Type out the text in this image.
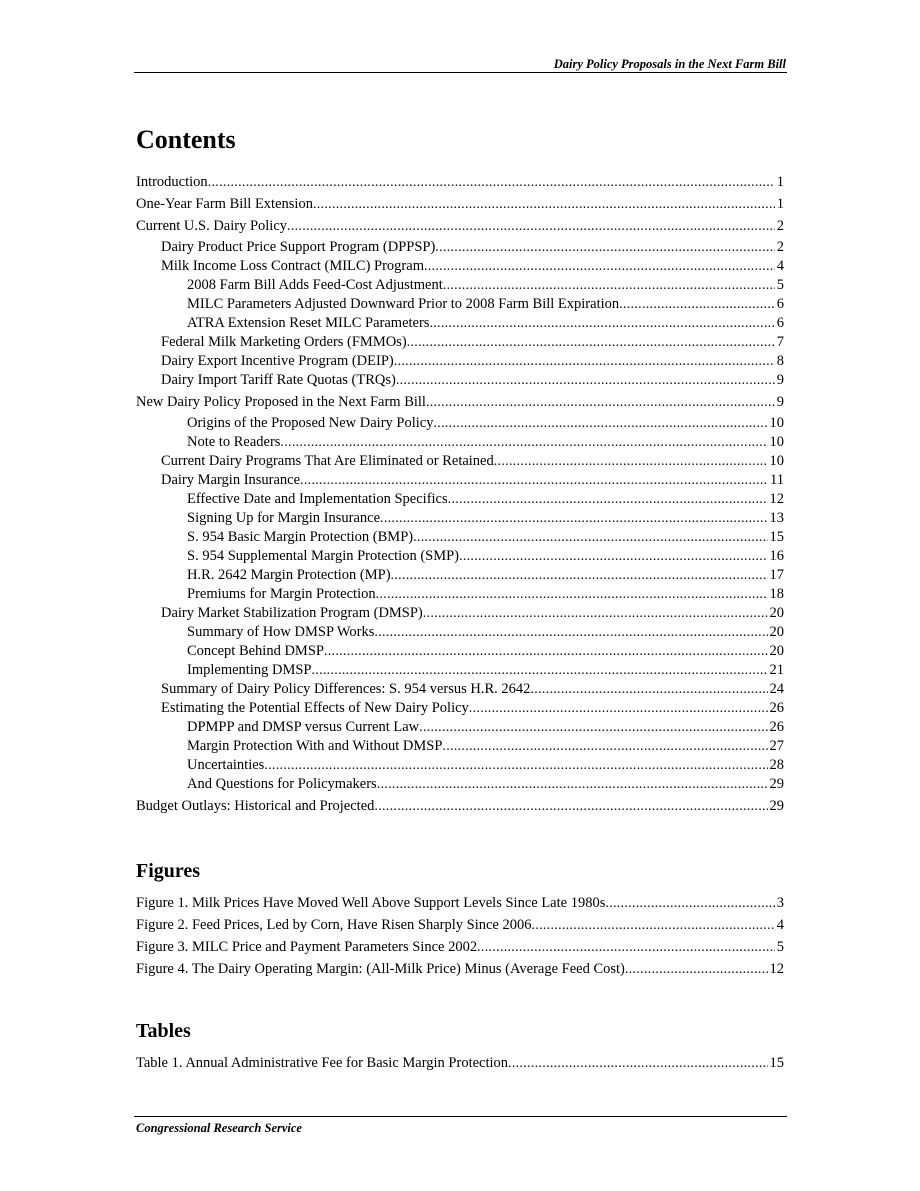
Dairy Policy Proposals in the Next Farm Bill
Contents
Introduction . . .	1
One-Year Farm Bill Extension . . .	1
Current U.S. Dairy Policy . . .	2
Dairy Product Price Support Program (DPPSP) . . .	2
Milk Income Loss Contract (MILC) Program . . .	4
2008 Farm Bill Adds Feed-Cost Adjustment . . .	5
MILC Parameters Adjusted Downward Prior to 2008 Farm Bill Expiration . . .	6
ATRA Extension Reset MILC Parameters . . .	6
Federal Milk Marketing Orders (FMMOs) . . .	7
Dairy Export Incentive Program (DEIP) . . .	8
Dairy Import Tariff Rate Quotas (TRQs) . . .	9
New Dairy Policy Proposed in the Next Farm Bill . . .	9
Origins of the Proposed New Dairy Policy . . .	10
Note to Readers . . .	10
Current Dairy Programs That Are Eliminated or Retained . . .	10
Dairy Margin Insurance . . .	11
Effective Date and Implementation Specifics . . .	12
Signing Up for Margin Insurance . . .	13
S. 954 Basic Margin Protection (BMP) . . .	15
S. 954 Supplemental Margin Protection (SMP) . . .	16
H.R. 2642 Margin Protection (MP) . . .	17
Premiums for Margin Protection . . .	18
Dairy Market Stabilization Program (DMSP) . . .	20
Summary of How DMSP Works . . .	20
Concept Behind DMSP . . .	20
Implementing DMSP . . .	21
Summary of Dairy Policy Differences: S. 954 versus H.R. 2642 . . .	24
Estimating the Potential Effects of New Dairy Policy . . .	26
DPMPP and DMSP versus Current Law . . .	26
Margin Protection With and Without DMSP . . .	27
Uncertainties . . .	28
And Questions for Policymakers . . .	29
Budget Outlays: Historical and Projected . . .	29
Figures
Figure 1. Milk Prices Have Moved Well Above Support Levels Since Late 1980s . . .	3
Figure 2. Feed Prices, Led by Corn, Have Risen Sharply Since 2006 . . .	4
Figure 3. MILC Price and Payment Parameters Since 2002 . . .	5
Figure 4. The Dairy Operating Margin: (All-Milk Price) Minus (Average Feed Cost) . . .	12
Tables
Table 1. Annual Administrative Fee for Basic Margin Protection . . .	15
Congressional Research Service
